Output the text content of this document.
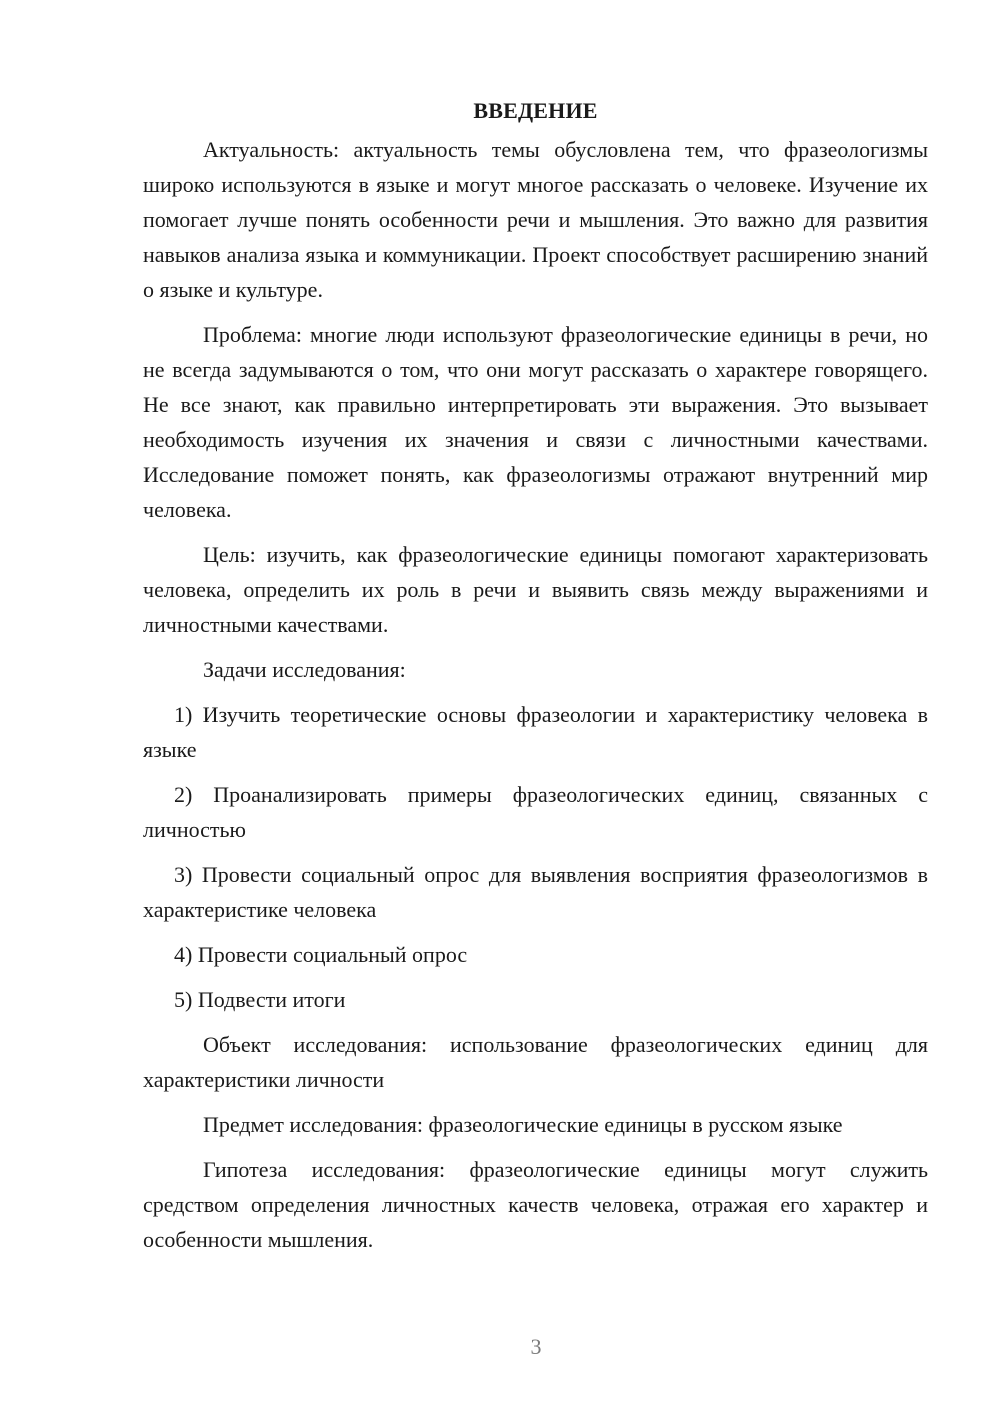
ВВЕДЕНИЕ

Актуальность: актуальность темы обусловлена тем, что фразеологизмы широко используются в языке и могут многое рассказать о человеке. Изучение их помогает лучше понять особенности речи и мышления. Это важно для развития навыков анализа языка и коммуникации. Проект способствует расширению знаний о языке и культуре.

Проблема: многие люди используют фразеологические единицы в речи, но не всегда задумываются о том, что они могут рассказать о характере говорящего. Не все знают, как правильно интерпретировать эти выражения. Это вызывает необходимость изучения их значения и связи с личностными качествами. Исследование поможет понять, как фразеологизмы отражают внутренний мир человека.

Цель: изучить, как фразеологические единицы помогают характеризовать человека, определить их роль в речи и выявить связь между выражениями и личностными качествами.

Задачи исследования:

1) Изучить теоретические основы фразеологии и характеристику человека в языке

2) Проанализировать примеры фразеологических единиц, связанных с личностью

3) Провести социальный опрос для выявления восприятия фразеологизмов в характеристике человека

4) Провести социальный опрос

5) Подвести итоги

Объект исследования: использование фразеологических единиц для характеристики личности

Предмет исследования: фразеологические единицы в русском языке

Гипотеза исследования: фразеологические единицы могут служить средством определения личностных качеств человека, отражая его характер и особенности мышления.

3
